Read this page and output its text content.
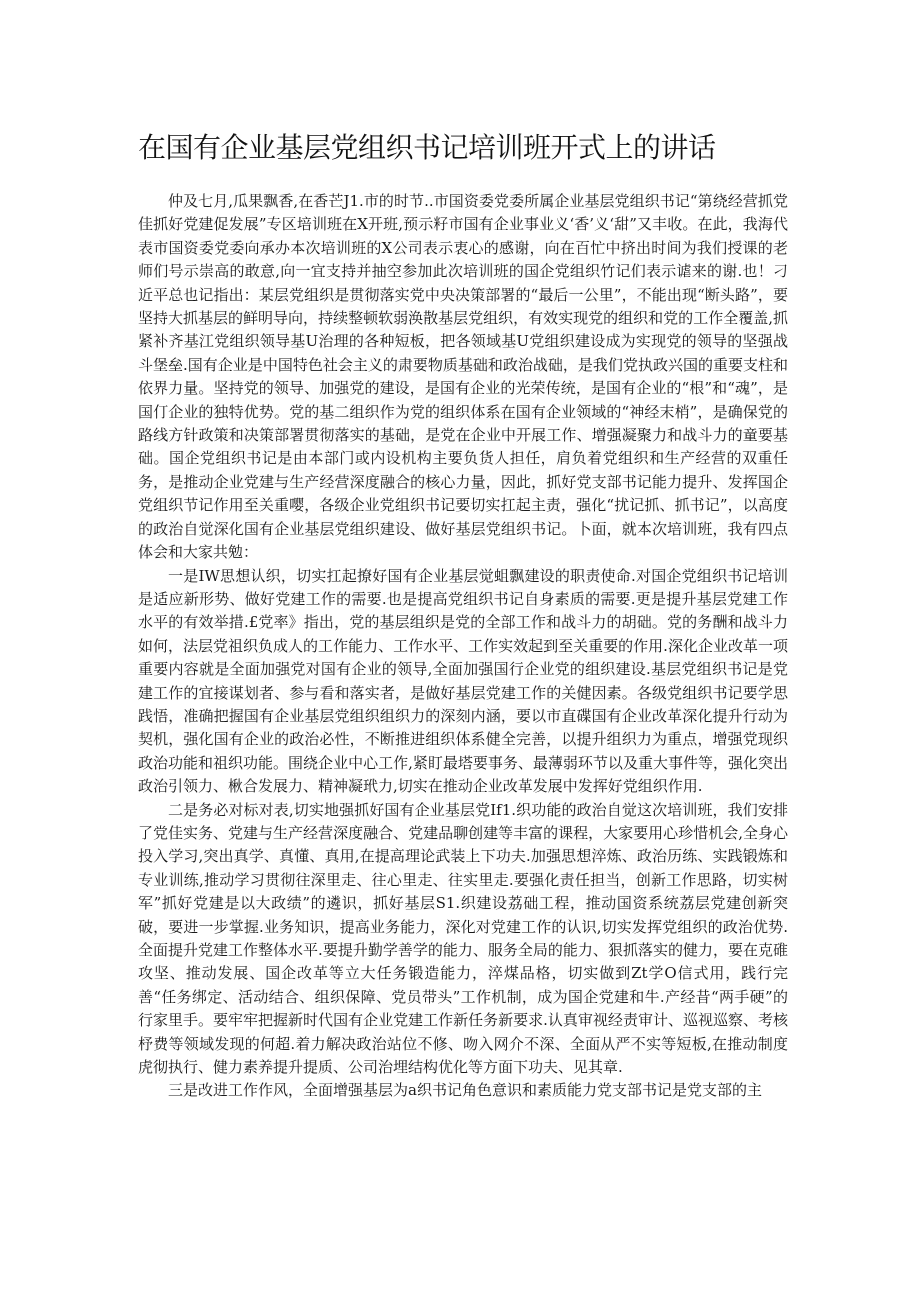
在国有企业基层党组织书记培训班开式上的讲话

仲及七月,瓜果飘香,在香芒J1.市的时节..市国资委党委所属企业基层党组织书记“第绕经营抓党佳抓好党建促发展”专区培训班在X开班,预示籽市国有企业事业义‘香’义‘甜”又丰收。在此，我海代表市国资委党委向承办本次培训班的X公司表示衷心的感谢，向在百忙中挤出时间为我们授课的老师们号示崇高的敢意,向一宜支持并抽空参加此次培训班的国企党组织竹记们表示谑来的谢.也！刁近平总也记指出：某层党组织是贯彻落实党中央决策部署的“最后一公里”，不能出现“断头路”，要坚持大抓基层的鲜明导向，持续整顿软弱涣散基层党组织，有效实现党的组织和党的工作全覆盖,抓紧补齐基江党组织领导基U治理的各种短板，把各领域基U党组织建设成为实现党的领导的坚强战斗堡垒.国有企业是中国特色社会主义的肃要物质基础和政治战础，是我们党执政兴国的重要支柱和依界力量。坚持党的领导、加强党的建设，是国有企业的光荣传统，是国有企业的“根”和“魂”，是国仃企业的独特优势。党的基二组织作为党的组织体系在国有企业领域的“神经末梢”，是确保党的路线方针政策和决策部署贯彻落实的基础，是党在企业中开展工作、增强凝聚力和战斗力的童要基础。国企党组织书记是由本部门或内设机构主要负货人担任，肩负着党组织和生产经营的双重任务，是推动企业党建与生产经营深度融合的核心力量，因此，抓好党支部书记能力提升、发挥国企党组织节记作用至关重嘤，各级企业党组织书记要切实扛起主责，强化“扰记抓、抓书记”，以高度的政治自觉深化国有企业基层党组织建设、做好基层党组织书记。卜面，就本次培训班，我有四点体会和大家共勉：

一是IW思想认织，切实扛起撩好国有企业基层觉蛆飘建设的职责使命.对国企党组织书记培训是适应新形势、做好党建工作的需要.也是提高党组织书记自身素质的需要.更是提升基层党建工作水平的有效举措.£党率》指出，党的基层组织是党的全部工作和战斗力的胡础。党的务酬和战斗力如何，法层党祖织负成人的工作能力、工作水平、工作实效起到至关重要的作用.深化企业改革一项重要内容就是全面加强党对国有企业的领导,全面加强国行企业党的组织建设.基层党组织书记是党建工作的宜接谋划者、参与看和落实者，是做好基层党建工作的关健因素。各级党组织书记要学思践悟，准确把握国有企业基层党组织组织力的深刻内涵，要以市直碟国有企业改革深化提升行动为契机，强化国有企业的政治必性，不断推进组织体系健全完善，以提升组织力为重点，增强党现织政治功能和祖织功能。围绕企业中心工作,紧盯最塔要事务、最薄弱环节以及重大事件等，强化突出政治引领力、楸合发展力、精神凝玳力,切实在推动企业改革发展中发挥好党组织作用.

二是务必对标对表,切实地强抓好国有企业基层党If1.织功能的政治自觉这次培训班，我们安排了党佳实务、党建与生产经营深度融合、党建品聊创建等丰富的课程，大家要用心珍惜机会,全身心投入学习,突出真学、真懂、真用,在提高理论武装上下功夫.加强思想淬炼、政治历练、实践锻炼和专业训练,推动学习贯彻往深里走、往心里走、往实里走.要强化责任担当，创新工作思路，切实树军”抓好党建是以大政绩”的遴识，抓好基层S1.织建设荔础工程，推动国资系统荔层党建创新突破，要进一步掌握.业务知识，提高业务能力，深化对党建工作的认识,切实发挥党组织的政治优势.全面提升党建工作整体水平.要提升勤学善学的能力、服务全局的能力、狠抓落实的健力，要在克碓攻坚、推动发展、国企改革等立大任务锻造能力，淬煤品格，切实做到Zt学O信式用，践行完善“任务绑定、活动结合、组织保障、党员带头”工作机制，成为国企党建和牛.产经昔“两手硬”的行家里手。要牢牢把握新时代国有企业党建工作新任务新要求.认真审视经责审计、巡视巡察、考核杼费等领域发现的何超.着力解决政治站位不修、吻入网介不深、全面从严不实等短板,在推动制度虎彻执行、健力素养提升提质、公司治埋结构优化等方面下功夫、见其章.

三是改进工作作风，全面增强基层为a织书记角色意识和素质能力党支部书记是党支部的主
